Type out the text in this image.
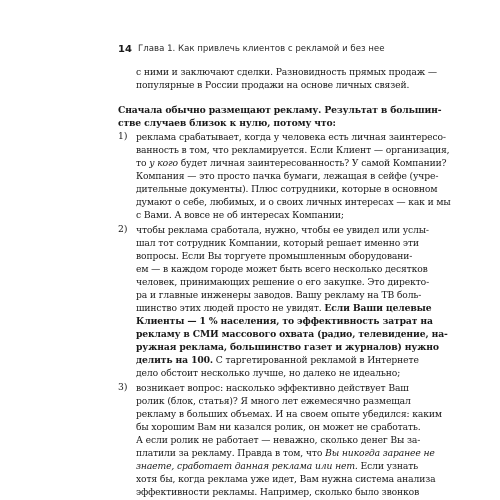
14 Глава 1. Как привлечь клиентов с рекламой и без нее
с ними и заключают сделки. Разновидность прямых продаж —
популярные в России продажи на основе личных связей.
Сначала обычно размещают рекламу. Результат в большин-
стве случаев близок к нулю, потому что:
1) реклама срабатывает, когда у человека есть личная заинтересо-
ванность в том, что рекламируется. Если Клиент — организация,
то у кого будет личная заинтересованность? У самой Компании?
Компания — это просто пачка бумаги, лежащая в сейфе (учре-
дительные документы). Плюс сотрудники, которые в основном
думают о себе, любимых, и о своих личных интересах — как и мы
с Вами. А вовсе не об интересах Компании;
2) чтобы реклама сработала, нужно, чтобы ее увидел или услы-
шал тот сотрудник Компании, который решает именно эти
вопросы. Если Вы торгуете промышленным оборудовани-
ем — в каждом городе может быть всего несколько десятков
человек, принимающих решение о его закупке. Это директо-
ра и главные инженеры заводов. Вашу рекламу на ТВ боль-
шинство этих людей просто не увидят. Если Ваши целевые
Клиенты — 1 % населения, то эффективность затрат на
рекламу в СМИ массового охвата (радио, телевидение, на-
ружная реклама, большинство газет и журналов) нужно
делить на 100. С таргетированной рекламой в Интернете
дело обстоит несколько лучше, но далеко не идеально;
3) возникает вопрос: насколько эффективно действует Ваш
ролик (блок, статья)? Я много лет ежемесячно размещал
рекламу в больших объемах. И на своем опыте убедился: каким
бы хорошим Вам ни казался ролик, он может не сработать.
А если ролик не работает — неважно, сколько денег Вы за-
платили за рекламу. Правда в том, что Вы никогда заранее не
знаете, сработает данная реклама или нет. Если узнать
хотя бы, когда реклама уже идет, Вам нужна система анализа
эффективности рекламы. Например, сколько было звонков
